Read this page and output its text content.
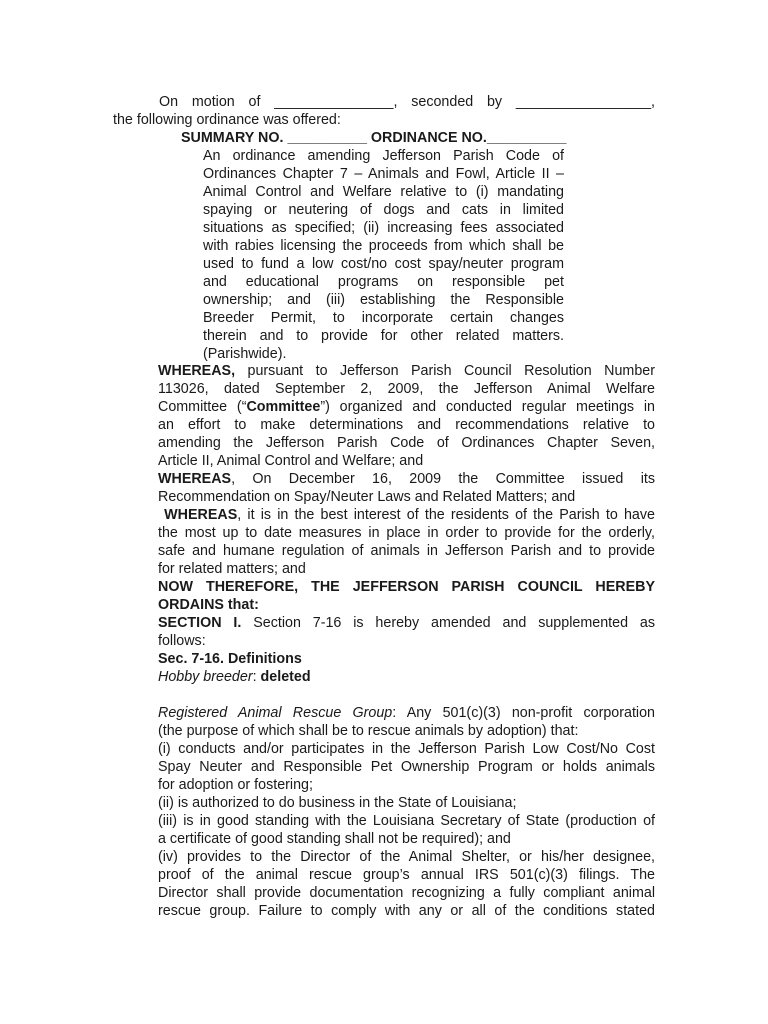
On motion of _______________, seconded by _________________,
the following ordinance was offered:
SUMMARY NO. __________ ORDINANCE NO.__________
An ordinance amending Jefferson Parish Code of
Ordinances Chapter 7 – Animals and Fowl, Article II –
Animal Control and Welfare relative to (i) mandating
spaying or neutering of dogs and cats in limited
situations as specified; (ii) increasing fees associated
with rabies licensing the proceeds from which shall be
used to fund a low cost/no cost spay/neuter program
and educational programs on responsible pet
ownership; and (iii) establishing the Responsible
Breeder Permit, to incorporate certain changes
therein and to provide for other related matters.
(Parishwide).
WHEREAS, pursuant to Jefferson Parish Council Resolution Number
113026, dated September 2, 2009, the Jefferson Animal Welfare
Committee (“Committee”) organized and conducted regular meetings in
an effort to make determinations and recommendations relative to
amending the Jefferson Parish Code of Ordinances Chapter Seven,
Article II, Animal Control and Welfare; and
WHEREAS, On December 16, 2009 the Committee issued its
Recommendation on Spay/Neuter Laws and Related Matters; and
WHEREAS, it is in the best interest of the residents of the Parish to have
the most up to date measures in place in order to provide for the orderly,
safe and humane regulation of animals in Jefferson Parish and to provide
for related matters; and
NOW THEREFORE, THE JEFFERSON PARISH COUNCIL HEREBY
ORDAINS that:
SECTION I. Section 7-16 is hereby amended and supplemented as
follows:
Sec. 7-16. Definitions
Hobby breeder: deleted
Registered Animal Rescue Group: Any 501(c)(3) non-profit corporation
(the purpose of which shall be to rescue animals by adoption) that:
(i) conducts and/or participates in the Jefferson Parish Low Cost/No Cost
Spay Neuter and Responsible Pet Ownership Program or holds animals
for adoption or fostering;
(ii) is authorized to do business in the State of Louisiana;
(iii) is in good standing with the Louisiana Secretary of State (production of
a certificate of good standing shall not be required); and
(iv) provides to the Director of the Animal Shelter, or his/her designee,
proof of the animal rescue group’s annual IRS 501(c)(3) filings. The
Director shall provide documentation recognizing a fully compliant animal
rescue group. Failure to comply with any or all of the conditions stated
